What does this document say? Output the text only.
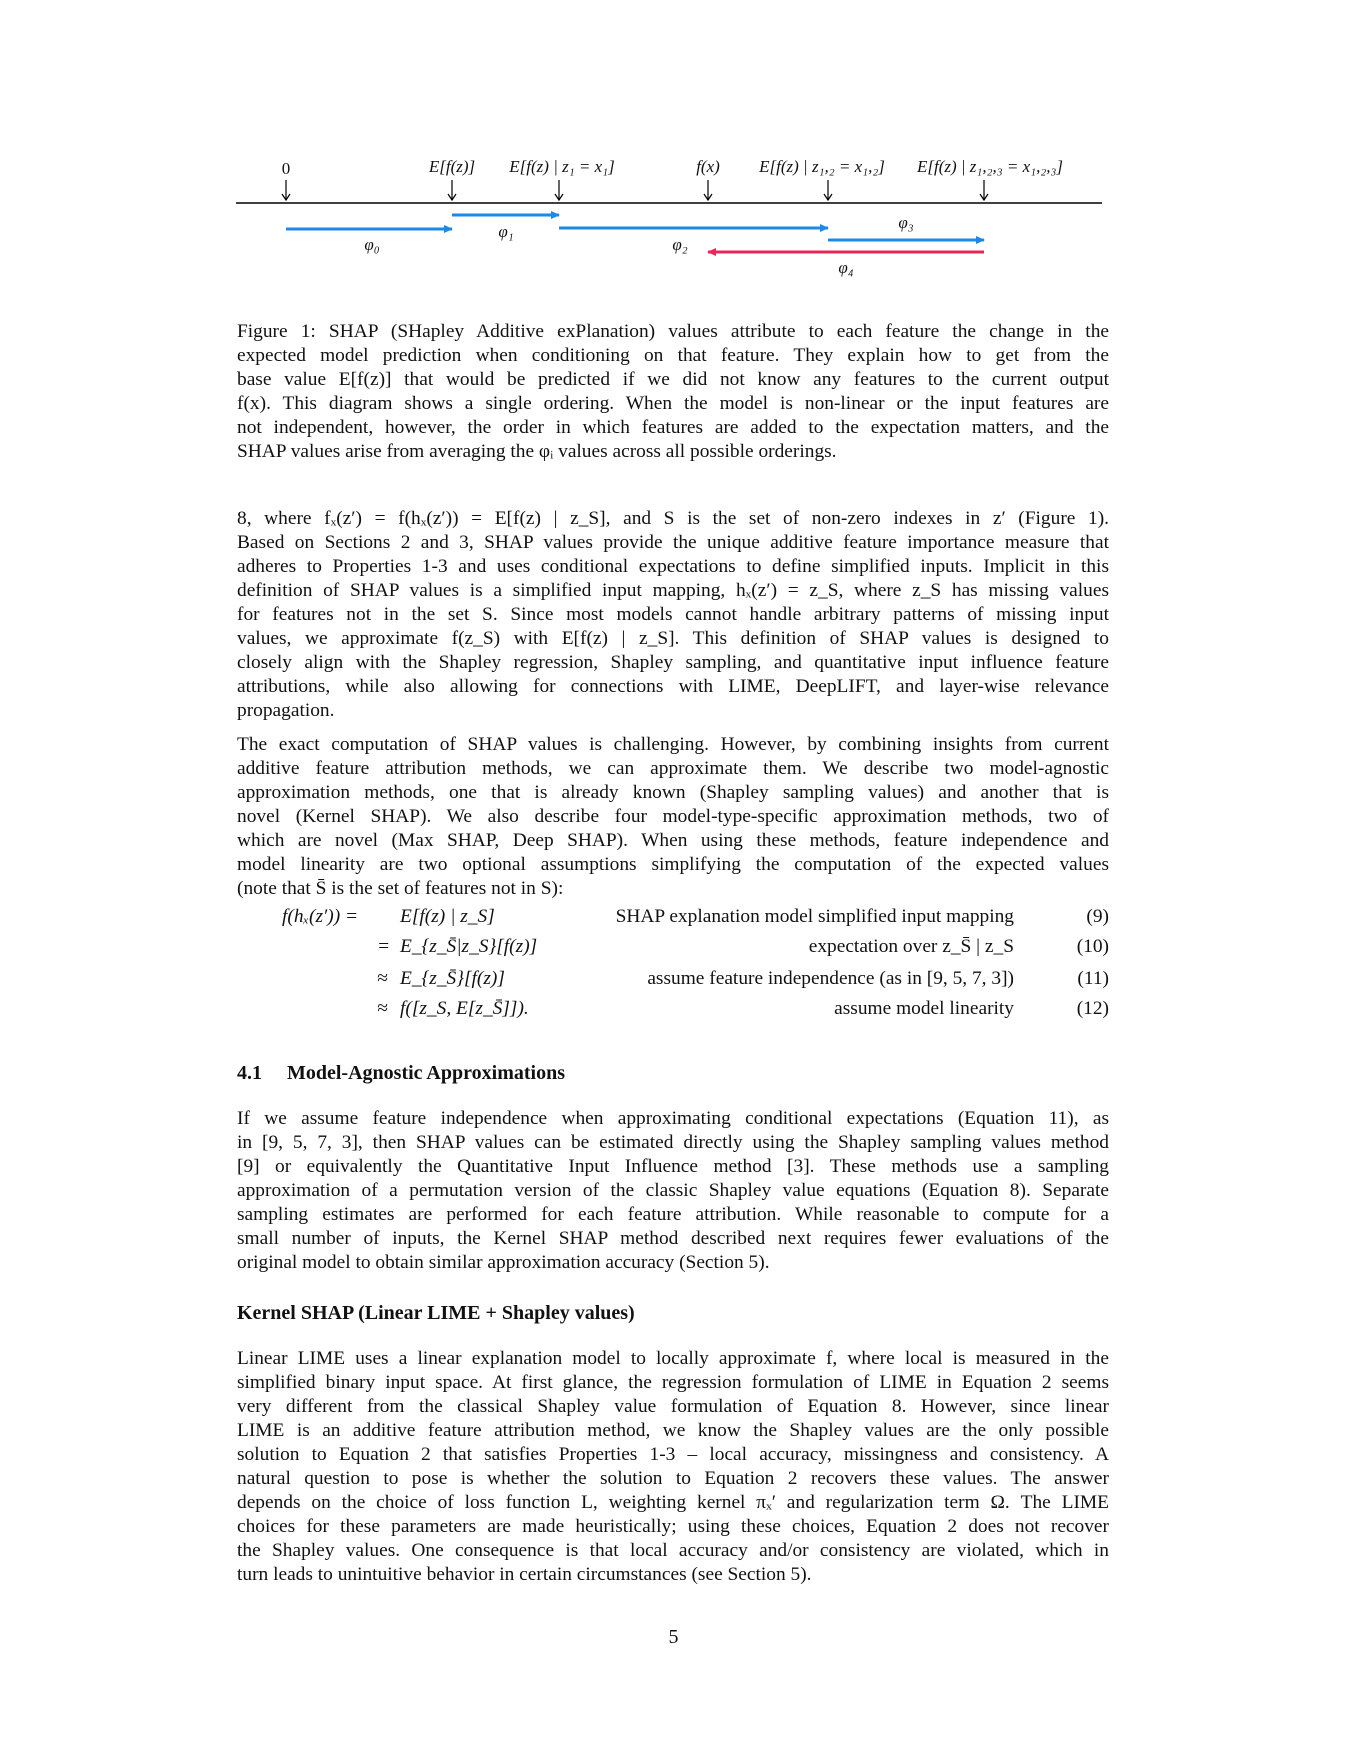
0	E[f(z)] E[f(z) | z₁ = x₁]	f(x) E[f(z) | z₁,₂ = x₁,₂] E[f(z) | z₁,₂,₃ = x₁,₂,₃]
φ₀
φ₁
φ₂
φ₃
φ₄
Figure 1: SHAP (SHapley Additive exPlanation) values attribute to each feature the change in the
expected model prediction when conditioning on that feature. They explain how to get from the
base value E[f(z)] that would be predicted if we did not know any features to the current output
f(x). This diagram shows a single ordering. When the model is non-linear or the input features are
not independent, however, the order in which features are added to the expectation matters, and the
SHAP values arise from averaging the φᵢ values across all possible orderings.
8, where fₓ(z′) = f(hₓ(z′)) = E[f(z) | z_S], and S is the set of non-zero indexes in z′ (Figure 1).
Based on Sections 2 and 3, SHAP values provide the unique additive feature importance measure that
adheres to Properties 1-3 and uses conditional expectations to define simplified inputs. Implicit in this
definition of SHAP values is a simplified input mapping, hₓ(z′) = z_S, where z_S has missing values
for features not in the set S. Since most models cannot handle arbitrary patterns of missing input
values, we approximate f(z_S) with E[f(z) | z_S]. This definition of SHAP values is designed to
closely align with the Shapley regression, Shapley sampling, and quantitative input influence feature
attributions, while also allowing for connections with LIME, DeepLIFT, and layer-wise relevance
propagation.
The exact computation of SHAP values is challenging. However, by combining insights from current
additive feature attribution methods, we can approximate them. We describe two model-agnostic
approximation methods, one that is already known (Shapley sampling values) and another that is
novel (Kernel SHAP). We also describe four model-type-specific approximation methods, two of
which are novel (Max SHAP, Deep SHAP). When using these methods, feature independence and
model linearity are two optional assumptions simplifying the computation of the expected values
(note that S̄ is the set of features not in S):
f(hₓ(z′)) = E[f(z) | z_S]	SHAP explanation model simplified input mapping	(9)
= E_{z_S̄|z_S}[f(z)]	expectation over z_S̄ | z_S	(10)
≈ E_{z_S̄}[f(z)]	assume feature independence (as in [9, 5, 7, 3])	(11)
≈ f([z_S, E[z_S̄]]).	assume model linearity	(12)
4.1 Model-Agnostic Approximations
If we assume feature independence when approximating conditional expectations (Equation 11), as
in [9, 5, 7, 3], then SHAP values can be estimated directly using the Shapley sampling values method
[9] or equivalently the Quantitative Input Influence method [3]. These methods use a sampling
approximation of a permutation version of the classic Shapley value equations (Equation 8). Separate
sampling estimates are performed for each feature attribution. While reasonable to compute for a
small number of inputs, the Kernel SHAP method described next requires fewer evaluations of the
original model to obtain similar approximation accuracy (Section 5).
Kernel SHAP (Linear LIME + Shapley values)
Linear LIME uses a linear explanation model to locally approximate f, where local is measured in the
simplified binary input space. At first glance, the regression formulation of LIME in Equation 2 seems
very different from the classical Shapley value formulation of Equation 8. However, since linear
LIME is an additive feature attribution method, we know the Shapley values are the only possible
solution to Equation 2 that satisfies Properties 1-3 – local accuracy, missingness and consistency. A
natural question to pose is whether the solution to Equation 2 recovers these values. The answer
depends on the choice of loss function L, weighting kernel πₓ′ and regularization term Ω. The LIME
choices for these parameters are made heuristically; using these choices, Equation 2 does not recover
the Shapley values. One consequence is that local accuracy and/or consistency are violated, which in
turn leads to unintuitive behavior in certain circumstances (see Section 5).
5
